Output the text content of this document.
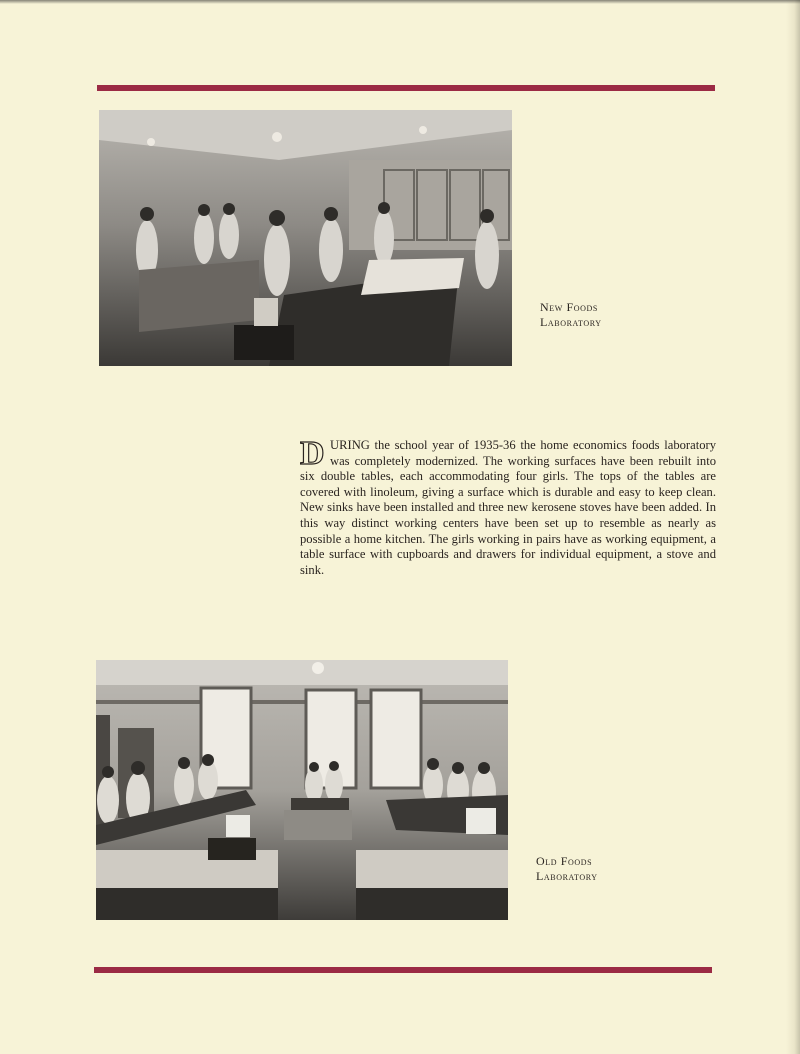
New Foods
Laboratory
DURING the school year of 1935-36 the home economics foods laboratory was completely modernized. The working surfaces have been rebuilt into six double tables, each accommodating four girls. The tops of the tables are covered with linoleum, giving a surface which is durable and easy to keep clean. New sinks have been installed and three new kerosene stoves have been added. In this way distinct working centers have been set up to resemble as nearly as possible a home kitchen. The girls working in pairs have as working equipment, a table surface with cupboards and drawers for individual equipment, a stove and sink.
Old Foods
Laboratory
